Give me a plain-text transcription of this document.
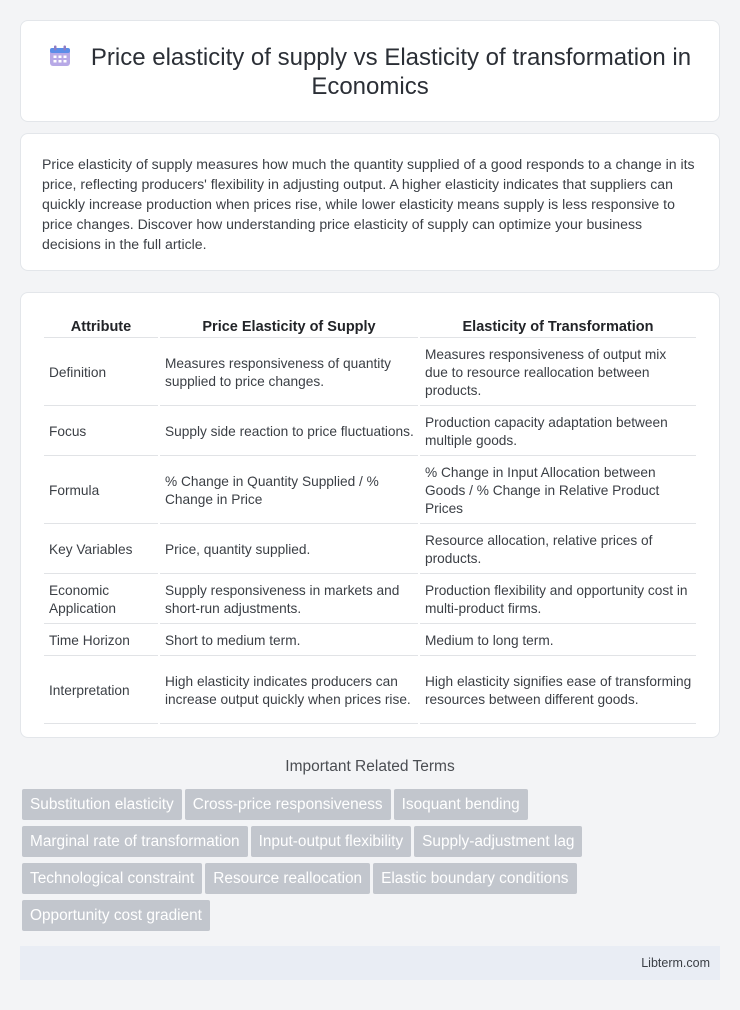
Price elasticity of supply vs Elasticity of transformation in Economics

Price elasticity of supply measures how much the quantity supplied of a good responds to a change in its price, reflecting producers' flexibility in adjusting output. A higher elasticity indicates that suppliers can quickly increase production when prices rise, while lower elasticity means supply is less responsive to price changes. Discover how understanding price elasticity of supply can optimize your business decisions in the full article.

Attribute	Price Elasticity of Supply	Elasticity of Transformation
Definition	Measures responsiveness of quantity supplied to price changes.	Measures responsiveness of output mix due to resource reallocation between products.
Focus	Supply side reaction to price fluctuations.	Production capacity adaptation between multiple goods.
Formula	% Change in Quantity Supplied / % Change in Price	% Change in Input Allocation between Goods / % Change in Relative Product Prices
Key Variables	Price, quantity supplied.	Resource allocation, relative prices of products.
Economic Application	Supply responsiveness in markets and short-run adjustments.	Production flexibility and opportunity cost in multi-product firms.
Time Horizon	Short to medium term.	Medium to long term.
Interpretation	High elasticity indicates producers can increase output quickly when prices rise.	High elasticity signifies ease of transforming resources between different goods.
Important Related Terms
Substitution elasticity Cross-price responsiveness Isoquant bending
Marginal rate of transformation Input-output flexibility Supply-adjustment lag
Technological constraint Resource reallocation Elastic boundary conditions
Opportunity cost gradient
Libterm.com
